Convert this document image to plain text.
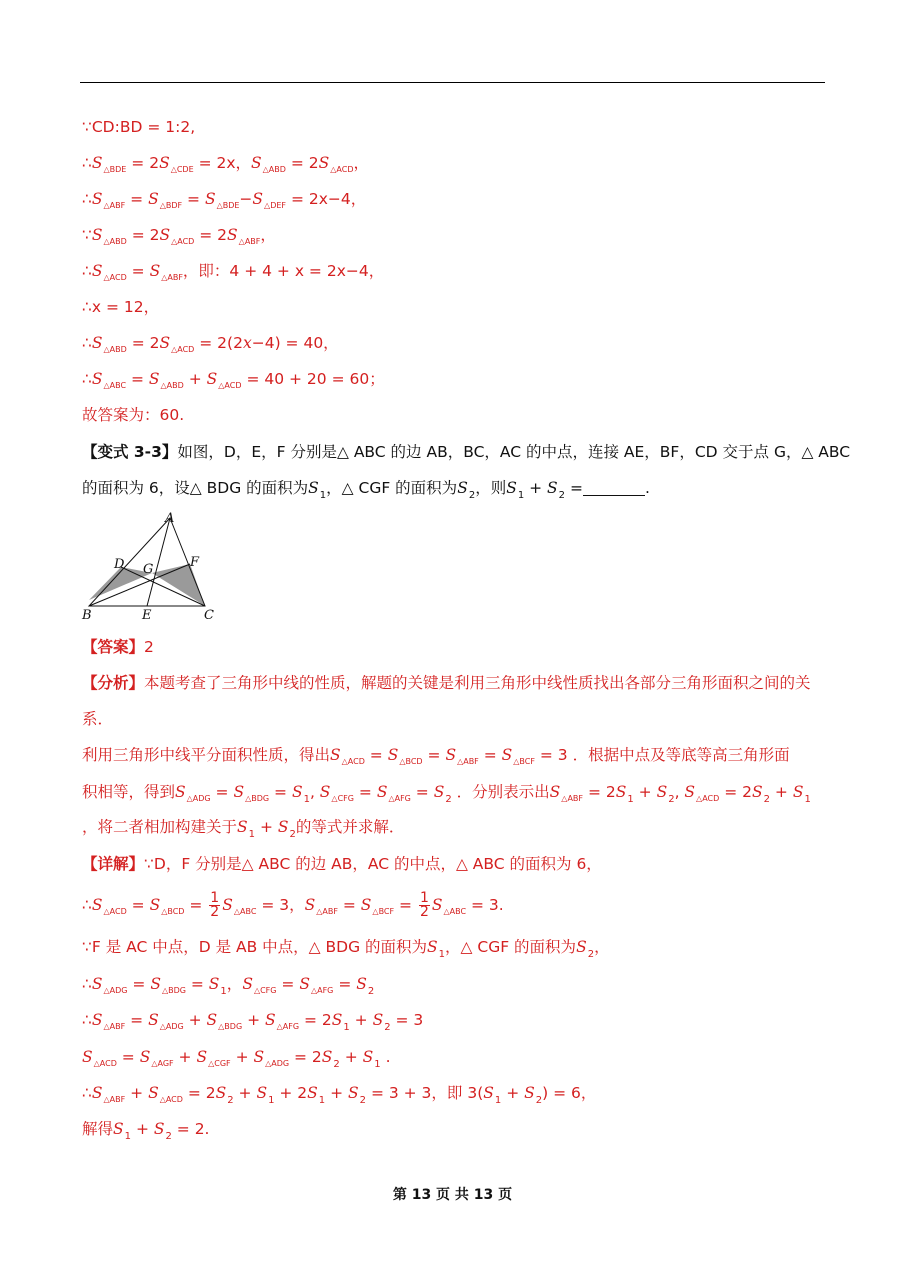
∵CD:BD = 1:2,
$\therefore S_{\triangle BDE} = 2S_{\triangle CDE} = 2x$，$S_{\triangle ABD} = 2S_{\triangle ACD}$，
$\therefore S_{\triangle ABF} = S_{\triangle BDF} = S_{\triangle BDE}-S_{\triangle DEF} = 2x-4$，
$\because S_{\triangle ABD} = 2S_{\triangle ACD} = 2S_{\triangle ABF}$，
$\therefore S_{\triangle ACD} = S_{\triangle ABF}$，即：4 + 4 + x = 2x−4，
∴x = 12，
$\therefore S_{\triangle ABD} = 2S_{\triangle ACD} = 2(2x-4) = 40$，
$\therefore S_{\triangle ABC} = S_{\triangle ABD} + S_{\triangle ACD} = 40 + 20 = 60$；
故答案为：60.
【变式 3-3】如图，D，E，F 分别是△ ABC 的边 AB，BC，AC 的中点，连接 AE，BF，CD 交于点 G，△ ABC
的面积为 6，设△ BDG 的面积为$S_1$，△ CGF 的面积为$S_2$，则$S_1 + S_2$ =	.
A
B	C
D
E
F
G
【答案】2
【分析】本题考查了三角形中线的性质，解题的关键是利用三角形中线性质找出各部分三角形面积之间的关
系．
利用三角形中线平分面积性质，得出$S_{\triangle ACD} = S_{\triangle BCD} = S_{\triangle ABF} = S_{\triangle BCF} = 3$ ．根据中点及等底等高三角形面
积相等，得到$S_{\triangle ADG} = S_{\triangle BDG} = S_1$, $S_{\triangle CFG} = S_{\triangle AFG} = S_2$ ．分别表示出$S_{\triangle ABF} = 2S_1 + S_2$, $S_{\triangle ACD} = 2S_2 + S_1$
，将二者相加构建关于$S_1 + S_2$的等式并求解．
【详解】∵D，F 分别是△ ABC 的边 AB，AC 的中点，△ ABC 的面积为 6，
$\therefore S_{\triangle ACD} = S_{\triangle BCD} = \frac{1}{2} S_{\triangle ABC} = 3$，$S_{\triangle ABF} = S_{\triangle BCF} = \frac{1}{2} S_{\triangle ABC} = 3$.
∵F 是 AC 中点，D 是 AB 中点，△ BDG 的面积为$S_1$，△ CGF 的面积为$S_2$，
$\therefore S_{\triangle ADG} = S_{\triangle BDG} = S_1$，$S_{\triangle CFG} = S_{\triangle AFG} = S_2$
$\therefore S_{\triangle ABF} = S_{\triangle ADG} + S_{\triangle BDG} + S_{\triangle AFG} = 2S_1 + S_2 = 3$
$S_{\triangle ACD} = S_{\triangle AGF} + S_{\triangle CGF} + S_{\triangle ADG} = 2S_2 + S_1$ .
$\therefore S_{\triangle ABF} + S_{\triangle ACD} = 2S_2 + S_1 + 2S_1 + S_2 = 3 + 3$，即 $3(S_1 + S_2) = 6$，
解得$S_1 + S_2 = 2$.
第 13 页 共 13 页
